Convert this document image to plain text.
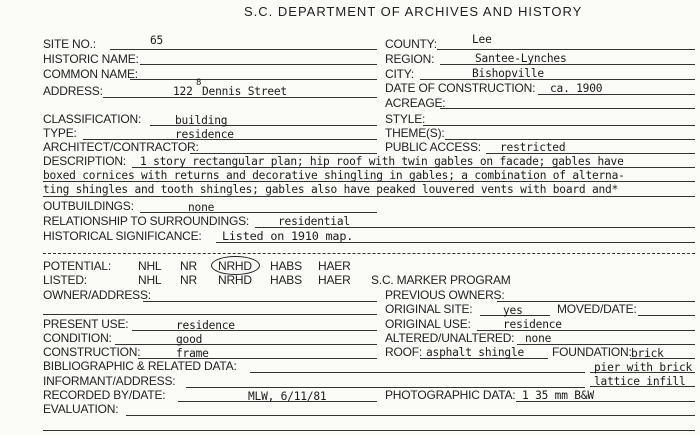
S.C. DEPARTMENT OF ARCHIVES AND HISTORY
SITE NO.:	65
HISTORIC NAME:
COMMON NAME:
ADDRESS:	122
8
Dennis Street
CLASSIFICATION:	building
TYPE:	residence
ARCHITECT/CONTRACTOR:
COUNTY:	Lee
REGION:	Santee-Lynches
CITY:	Bishopville
DATE OF CONSTRUCTION: ca. 1900
ACREAGE:
STYLE:
THEME(S):
PUBLIC ACCESS: restricted
DESCRIPTION: 1 story rectangular plan; hip roof with twin gables on facade; gables have
boxed cornices with returns and decorative shingling in gables; a combination of alterna-
ting shingles and tooth shingles; gables also have peaked louvered vents with board and*
OUTBUILDINGS:	none
RELATIONSHIP TO SURROUNDINGS:	residential
HISTORICAL SIGNIFICANCE: Listed on 1910 map.
POTENTIAL: NHL NR NRHD HABS HAER
LISTED:	NHL NR NRHD HABS HAER S.C. MARKER PROGRAM
OWNER/ADDRESS:	PREVIOUS OWNERS:
ORIGINAL SITE:	yes	MOVED/DATE:
PRESENT USE:	residence	ORIGINAL USE:	residence
CONDITION:	good	ALTERED/UNALTERED: none
CONSTRUCTION:	frame	ROOF: asphalt shingle FOUNDATION: brick
pier with brick
lattice infill
BIBLIOGRAPHIC & RELATED DATA:
INFORMANT/ADDRESS:
RECORDED BY/DATE:	MLW, 6/11/81	PHOTOGRAPHIC DATA: 1 35 mm B&W
EVALUATION:
